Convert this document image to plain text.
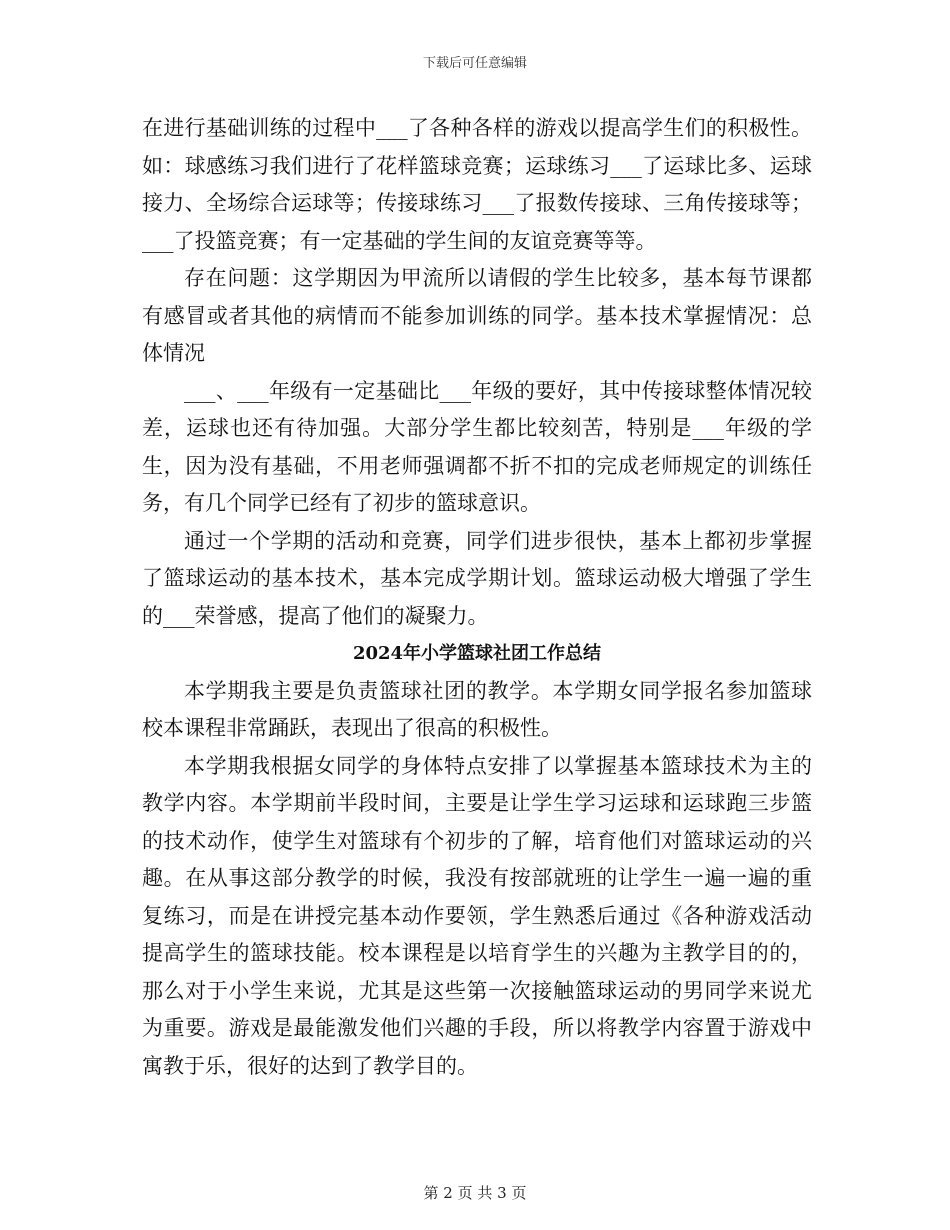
下载后可任意编辑

在进行基础训练的过程中___了各种各样的游戏以提高学生们的积极性。如：球感练习我们进行了花样篮球竞赛；运球练习___了运球比多、运球接力、全场综合运球等；传接球练习___了报数传接球、三角传接球等；___了投篮竞赛；有一定基础的学生间的友谊竞赛等等。

存在问题：这学期因为甲流所以请假的学生比较多，基本每节课都有感冒或者其他的病情而不能参加训练的同学。基本技术掌握情况：总体情况

___、___年级有一定基础比___年级的要好，其中传接球整体情况较差，运球也还有待加强。大部分学生都比较刻苦，特别是___年级的学生，因为没有基础，不用老师强调都不折不扣的完成老师规定的训练任务，有几个同学已经有了初步的篮球意识。

通过一个学期的活动和竞赛，同学们进步很快，基本上都初步掌握了篮球运动的基本技术，基本完成学期计划。篮球运动极大增强了学生的___荣誉感，提高了他们的凝聚力。

2024年小学篮球社团工作总结

本学期我主要是负责篮球社团的教学。本学期女同学报名参加篮球校本课程非常踊跃，表现出了很高的积极性。

本学期我根据女同学的身体特点安排了以掌握基本篮球技术为主的教学内容。本学期前半段时间，主要是让学生学习运球和运球跑三步篮的技术动作，使学生对篮球有个初步的了解，培育他们对篮球运动的兴趣。在从事这部分教学的时候，我没有按部就班的让学生一遍一遍的重复练习，而是在讲授完基本动作要领，学生熟悉后通过《各种游戏活动提高学生的篮球技能。校本课程是以培育学生的兴趣为主教学目的的，那么对于小学生来说，尤其是这些第一次接触篮球运动的男同学来说尤为重要。游戏是最能激发他们兴趣的手段，所以将教学内容置于游戏中寓教于乐，很好的达到了教学目的。

第 2 页 共 3 页
